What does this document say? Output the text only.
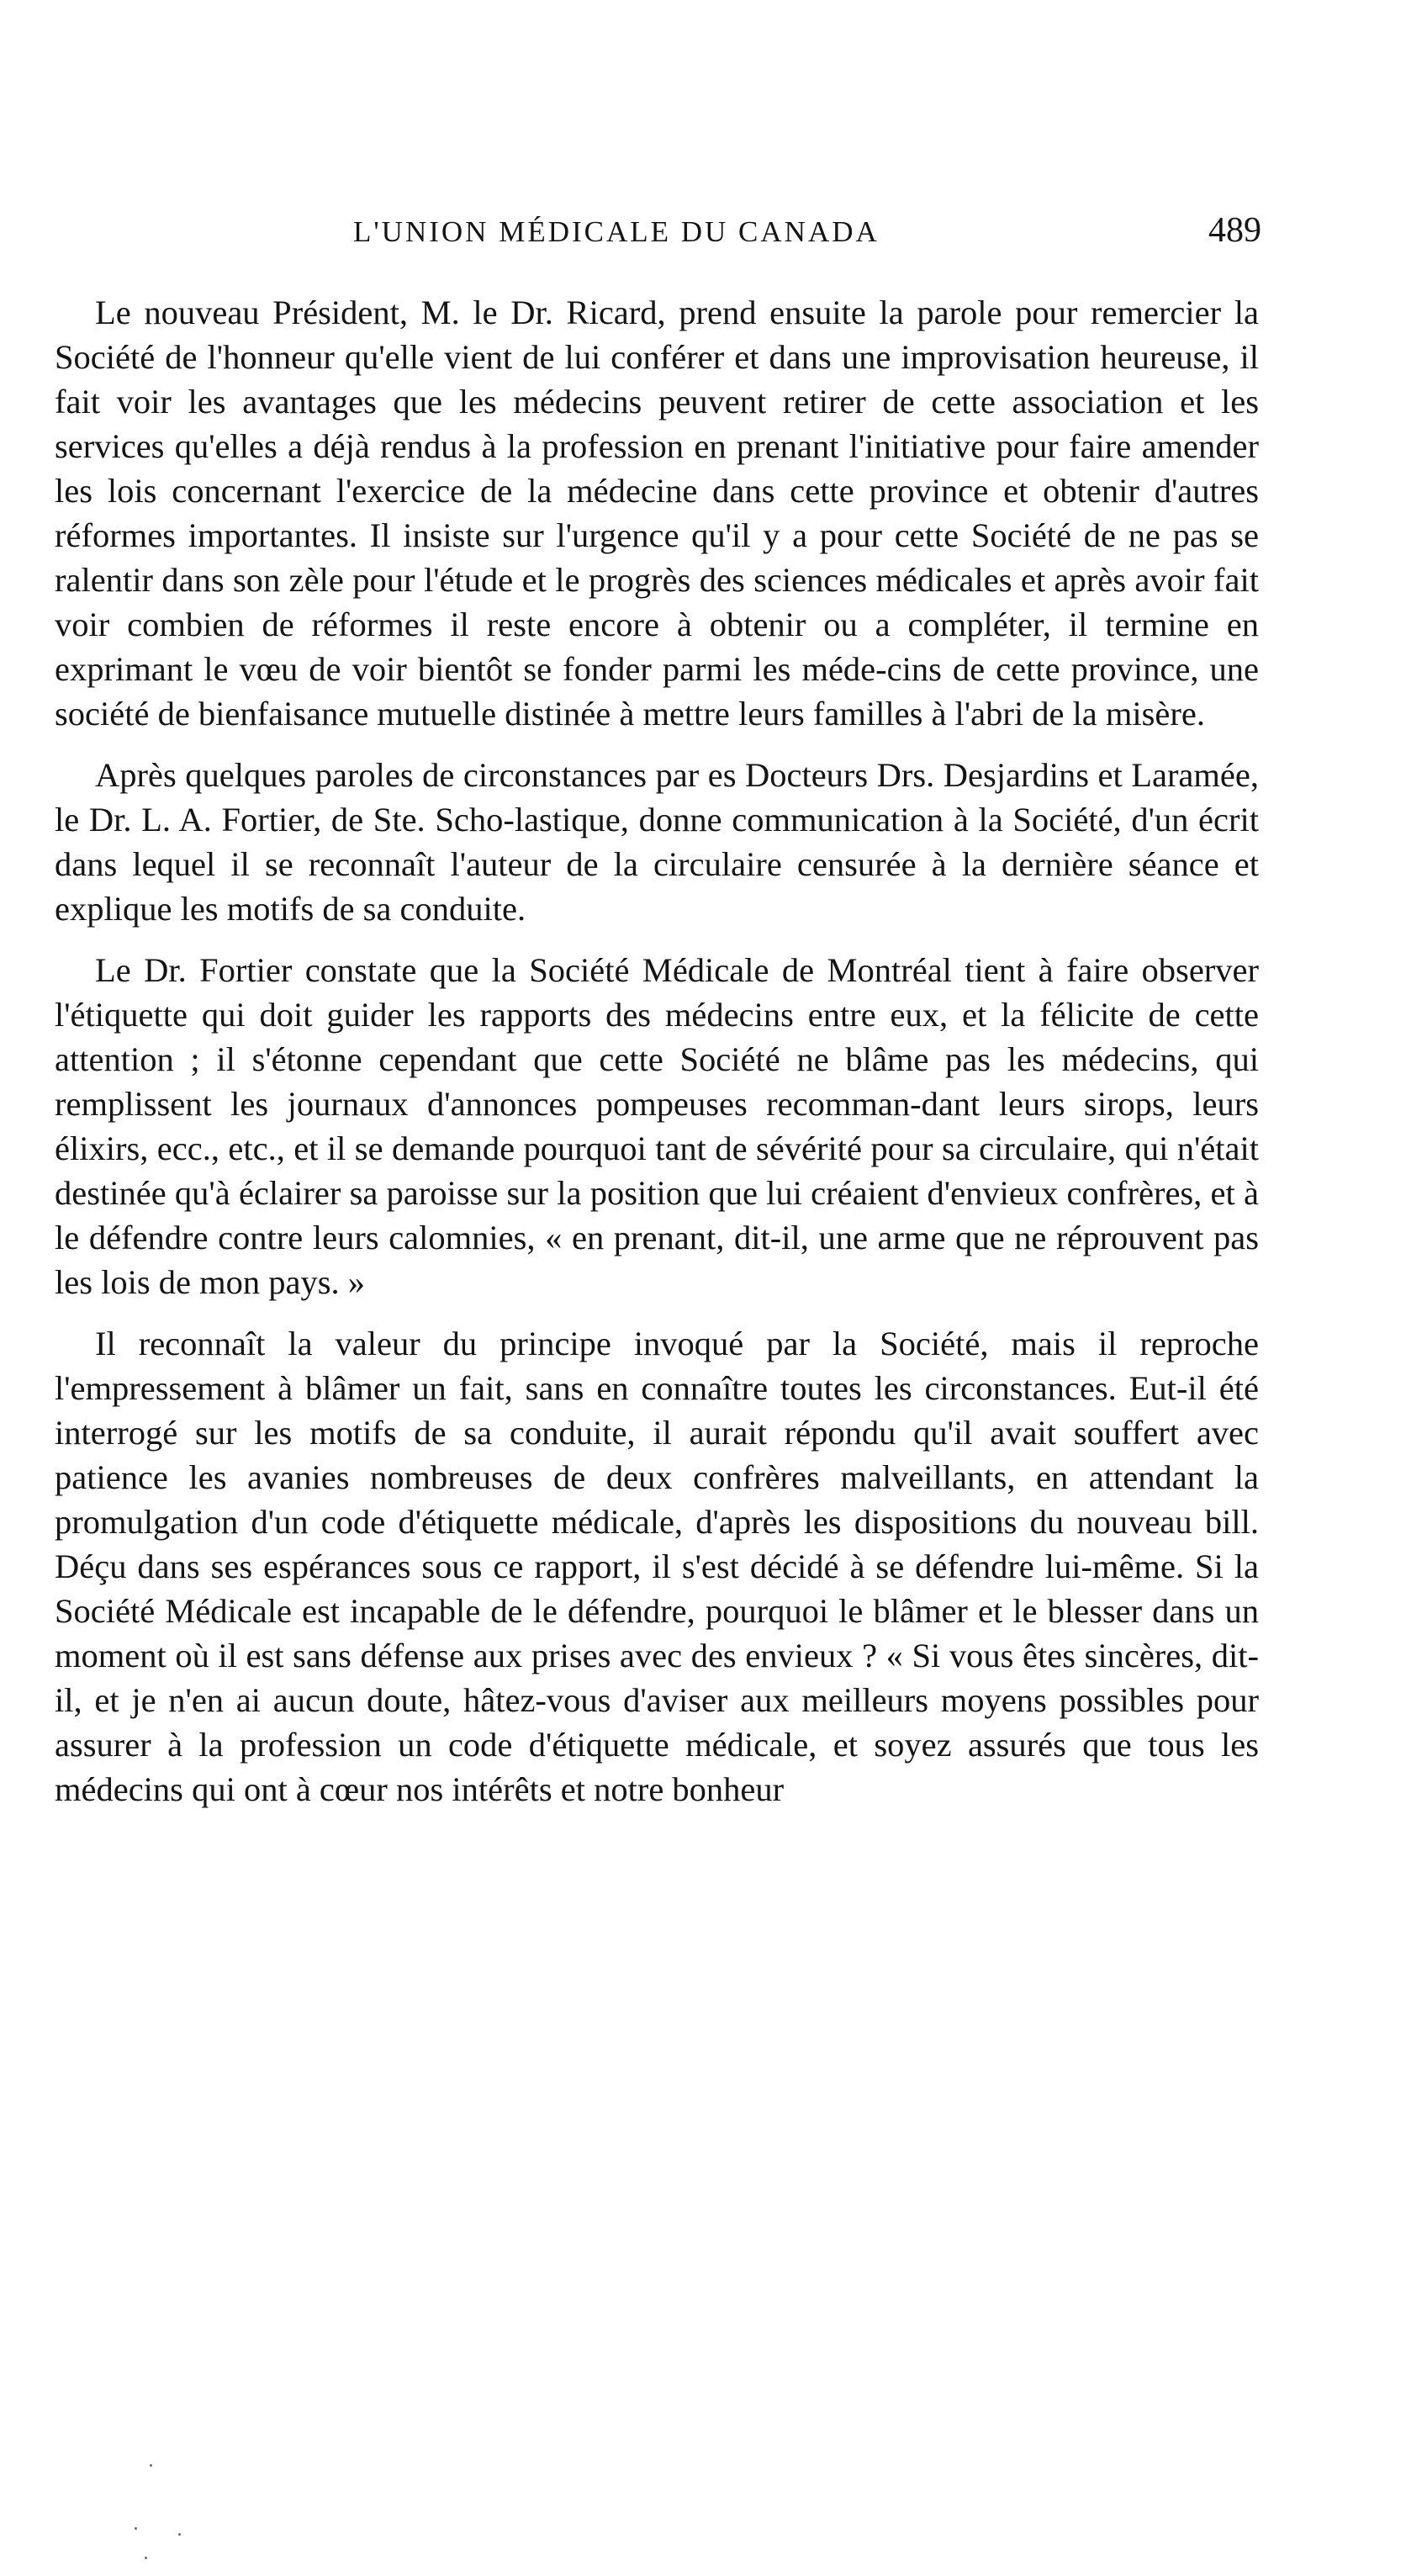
L'UNION MÉDICALE DU CANADA	489

Le nouveau Président, M. le Dr. Ricard, prend ensuite la parole pour remercier la Société de l'honneur qu'elle vient de lui conférer et dans une improvisation heureuse, il fait voir les avantages que les médecins peuvent retirer de cette association et les services qu'elles a déjà rendus à la profession en prenant l'initiative pour faire amender les lois concernant l'exercice de la médecine dans cette province et obtenir d'autres réformes importantes. Il insiste sur l'urgence qu'il y a pour cette Société de ne pas se ralentir dans son zèle pour l'étude et le progrès des sciences médicales et après avoir fait voir combien de réformes il reste encore à obtenir ou a compléter, il termine en exprimant le vœu de voir bientôt se fonder parmi les méde-cins de cette province, une société de bienfaisance mutuelle distinée à mettre leurs familles à l'abri de la misère.

Après quelques paroles de circonstances par es Docteurs Drs. Desjardins et Laramée, le Dr. L. A. Fortier, de Ste. Scho-lastique, donne communication à la Société, d'un écrit dans lequel il se reconnaît l'auteur de la circulaire censurée à la dernière séance et explique les motifs de sa conduite.

Le Dr. Fortier constate que la Société Médicale de Montréal tient à faire observer l'étiquette qui doit guider les rapports des médecins entre eux, et la félicite de cette attention ; il s'étonne cependant que cette Société ne blâme pas les médecins, qui remplissent les journaux d'annonces pompeuses recomman-dant leurs sirops, leurs élixirs, ecc., etc., et il se demande pourquoi tant de sévérité pour sa circulaire, qui n'était destinée qu'à éclairer sa paroisse sur la position que lui créaient d'envieux confrères, et à le défendre contre leurs calomnies, « en prenant, dit-il, une arme que ne réprouvent pas les lois de mon pays. »

Il reconnaît la valeur du principe invoqué par la Société, mais il reproche l'empressement à blâmer un fait, sans en connaître toutes les circonstances. Eut-il été interrogé sur les motifs de sa conduite, il aurait répondu qu'il avait souffert avec patience les avanies nombreuses de deux confrères malveillants, en attendant la promulgation d'un code d'étiquette médicale, d'après les dispositions du nouveau bill. Déçu dans ses espérances sous ce rapport, il s'est décidé à se défendre lui-même. Si la Société Médicale est incapable de le défendre, pourquoi le blâmer et le blesser dans un moment où il est sans défense aux prises avec des envieux ? « Si vous êtes sincères, dit-il, et je n'en ai aucun doute, hâtez-vous d'aviser aux meilleurs moyens possibles pour assurer à la profession un code d'étiquette médicale, et soyez assurés que tous les médecins qui ont à cœur nos intérêts et notre bonheur
